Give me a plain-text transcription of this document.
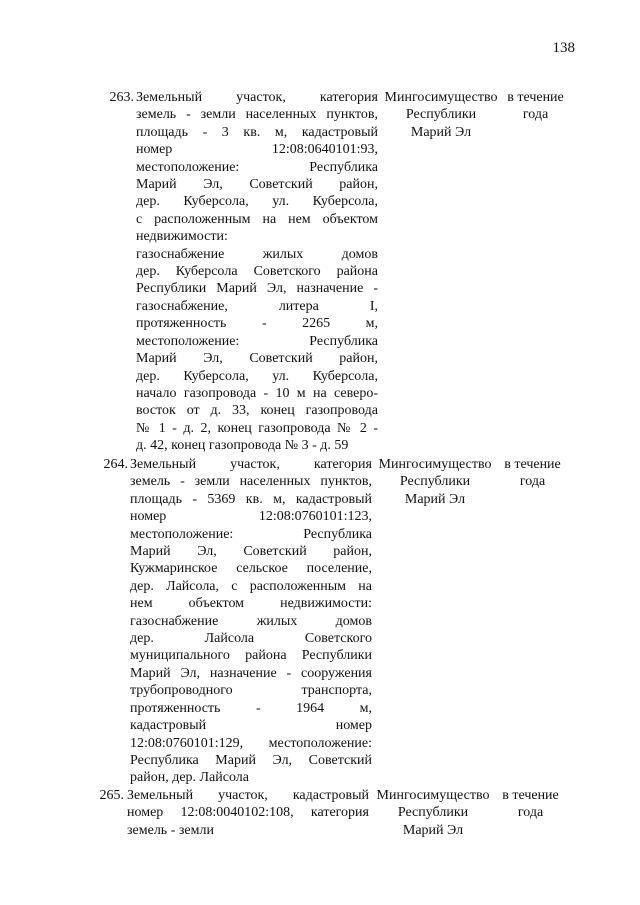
138
263. Земельный участок, категория
земель - земли населенных пунктов,
площадь - 3 кв. м, кадастровый
номер 12:08:0640101:93,
местоположение: Республика
Марий Эл, Советский район,
дер. Кубepcoлa, ул. Кубepcoлa,
с расположенным на нем объектом
недвижимости:
газоснабжение жилых домов
дер. Кубepcoлa Советского района
Республики Марий Эл, назначение -
газоснабжение, литера I,
протяженность - 2265 м,
местоположение: Республика
Марий Эл, Советский район,
дер. Кубepcoлa, ул. Кубepcoлa,
начало газопровода - 10 м на северо-
восток от д. 33, конец газопровода
№ 1 - д. 2, конец газопровода № 2 -
д. 42, конец газопровода № 3 - д. 59
Мингосимущество
Республики
Марий Эл
в течение
года
264. Земельный участок, категория
земель - земли населенных пунктов,
площадь - 5369 кв. м, кадастровый
номер 12:08:0760101:123,
местоположение: Республика
Марий Эл, Советский район,
Кужмаринское сельское поселение,
дер. Лайсола, с расположенным на
нем объектом недвижимости:
газоснабжение жилых домов
дер. Лайсола Советского
муниципального района Республики
Марий Эл, назначение - сооружения
трубопроводного транспорта,
протяженность - 1964 м,
кадастровый номер
12:08:0760101:129, местоположение:
Республика Марий Эл, Советский
район, дер. Лайсола
Мингосимущество
Республики
Марий Эл
в течение
года
265. Земельный участок, кадастровый
номер 12:08:0040102:108, категория
земель - земли
Мингосимущество
Республики
Марий Эл
в течение
года
